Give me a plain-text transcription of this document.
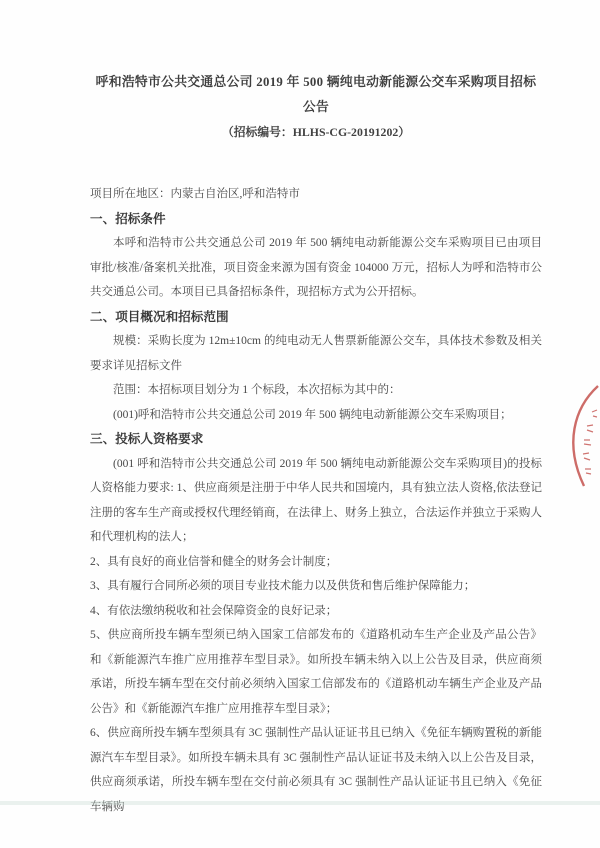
呼和浩特市公共交通总公司 2019 年 500 辆纯电动新能源公交车采购项目招标公告
（招标编号：HLHS-CG-20191202）
项目所在地区：内蒙古自治区,呼和浩特市
一、招标条件
本呼和浩特市公共交通总公司 2019 年 500 辆纯电动新能源公交车采购项目已由项目审批/核准/备案机关批准，项目资金来源为国有资金 104000 万元，招标人为呼和浩特市公共交通总公司。本项目已具备招标条件，现招标方式为公开招标。
二、项目概况和招标范围
规模：采购长度为 12m±10cm 的纯电动无人售票新能源公交车，具体技术参数及相关要求详见招标文件
范围：本招标项目划分为 1 个标段，本次招标为其中的：
(001)呼和浩特市公共交通总公司 2019 年 500 辆纯电动新能源公交车采购项目；
三、投标人资格要求
(001 呼和浩特市公共交通总公司 2019 年 500 辆纯电动新能源公交车采购项目)的投标人资格能力要求: 1、供应商须是注册于中华人民共和国境内，具有独立法人资格,依法登记注册的客车生产商或授权代理经销商，在法律上、财务上独立，合法运作并独立于采购人和代理机构的法人；
2、具有良好的商业信誉和健全的财务会计制度；
3、具有履行合同所必须的项目专业技术能力以及供货和售后维护保障能力；
4、有依法缴纳税收和社会保障资金的良好记录；
5、供应商所投车辆车型须已纳入国家工信部发布的《道路机动车生产企业及产品公告》和《新能源汽车推广应用推荐车型目录》。如所投车辆未纳入以上公告及目录，供应商须承诺，所投车辆车型在交付前必须纳入国家工信部发布的《道路机动车辆生产企业及产品公告》和《新能源汽车推广应用推荐车型目录》；
6、供应商所投车辆车型须具有 3C 强制性产品认证证书且已纳入《免征车辆购置税的新能源汽车车型目录》。如所投车辆未具有 3C 强制性产品认证证书及未纳入以上公告及目录，供应商须承诺，所投车辆车型在交付前必须具有 3C 强制性产品认证证书且已纳入《免征车辆购
